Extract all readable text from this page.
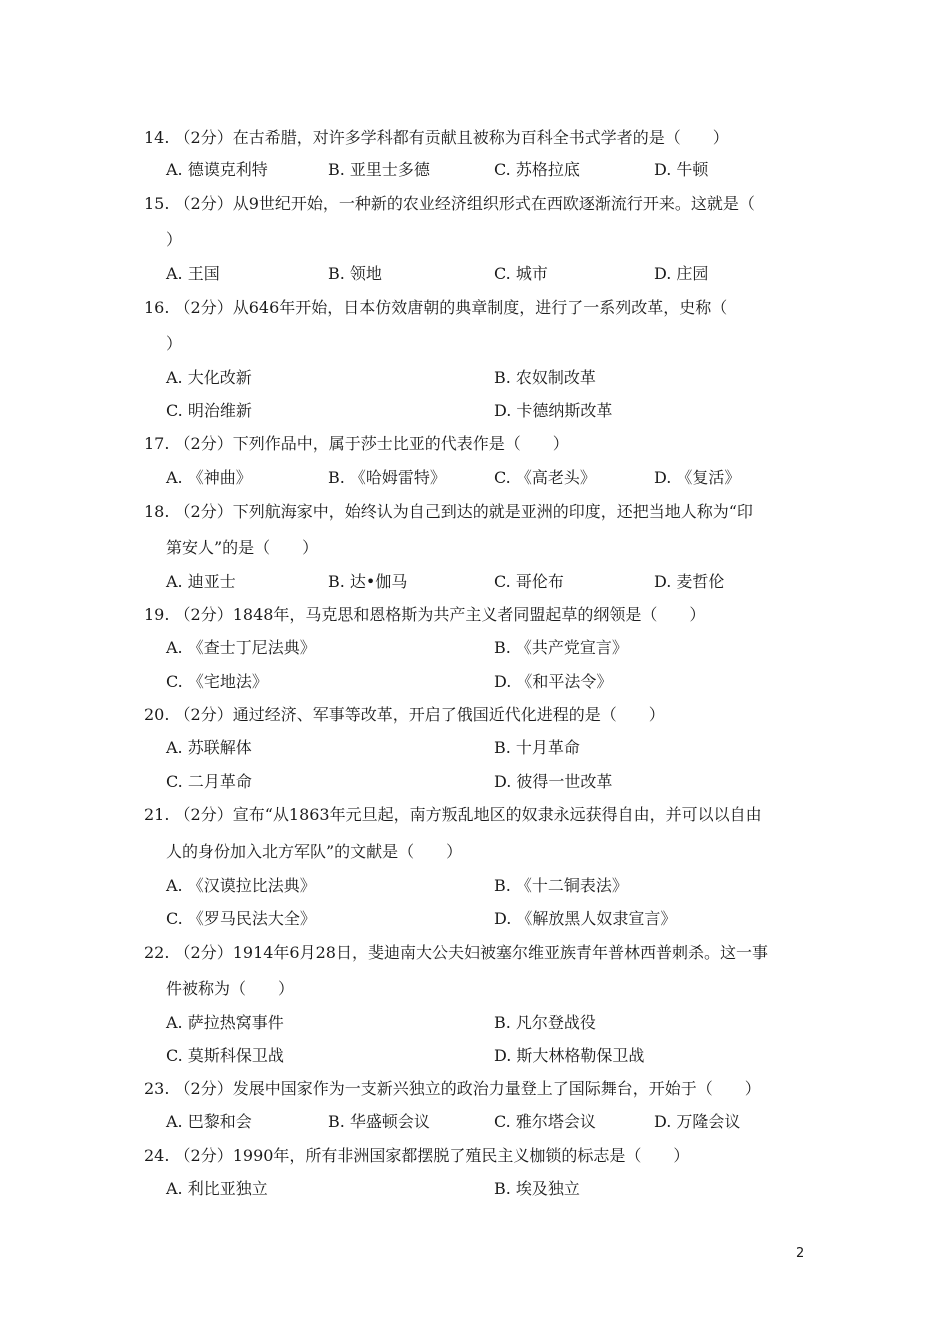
14. （2分）在古希腊，对许多学科都有贡献且被称为百科全书式学者的是（　　）
A. 德谟克利特	B. 亚里士多德	C. 苏格拉底	D. 牛顿
15. （2分）从9世纪开始，一种新的农业经济组织形式在西欧逐渐流行开来。这就是（
）
A. 王国	B. 领地	C. 城市	D. 庄园
16. （2分）从646年开始，日本仿效唐朝的典章制度，进行了一系列改革，史称（
）
A. 大化改新	B. 农奴制改革
C. 明治维新	D. 卡德纳斯改革
17. （2分）下列作品中，属于莎士比亚的代表作是（　　）
A. 《神曲》	B. 《哈姆雷特》	C. 《高老头》	D. 《复活》
18. （2分）下列航海家中，始终认为自己到达的就是亚洲的印度，还把当地人称为“印
第安人”的是（　　）
A. 迪亚士	B. 达•伽马	C. 哥伦布	D. 麦哲伦
19. （2分）1848年，马克思和恩格斯为共产主义者同盟起草的纲领是（　　）
A. 《查士丁尼法典》	B. 《共产党宣言》
C. 《宅地法》	D. 《和平法令》
20. （2分）通过经济、军事等改革，开启了俄国近代化进程的是（　　）
A. 苏联解体	B. 十月革命
C. 二月革命	D. 彼得一世改革
21. （2分）宣布“从1863年元旦起，南方叛乱地区的奴隶永远获得自由，并可以以自由
人的身份加入北方军队”的文献是（　　）
A. 《汉谟拉比法典》	B. 《十二铜表法》
C. 《罗马民法大全》	D. 《解放黑人奴隶宣言》
22. （2分）1914年6月28日，斐迪南大公夫妇被塞尔维亚族青年普林西普刺杀。这一事
件被称为（　　）
A. 萨拉热窝事件	B. 凡尔登战役
C. 莫斯科保卫战	D. 斯大林格勒保卫战
23. （2分）发展中国家作为一支新兴独立的政治力量登上了国际舞台，开始于（　　）
A. 巴黎和会	B. 华盛顿会议	C. 雅尔塔会议	D. 万隆会议
24. （2分）1990年，所有非洲国家都摆脱了殖民主义枷锁的标志是（　　）
A. 利比亚独立	B. 埃及独立
2
